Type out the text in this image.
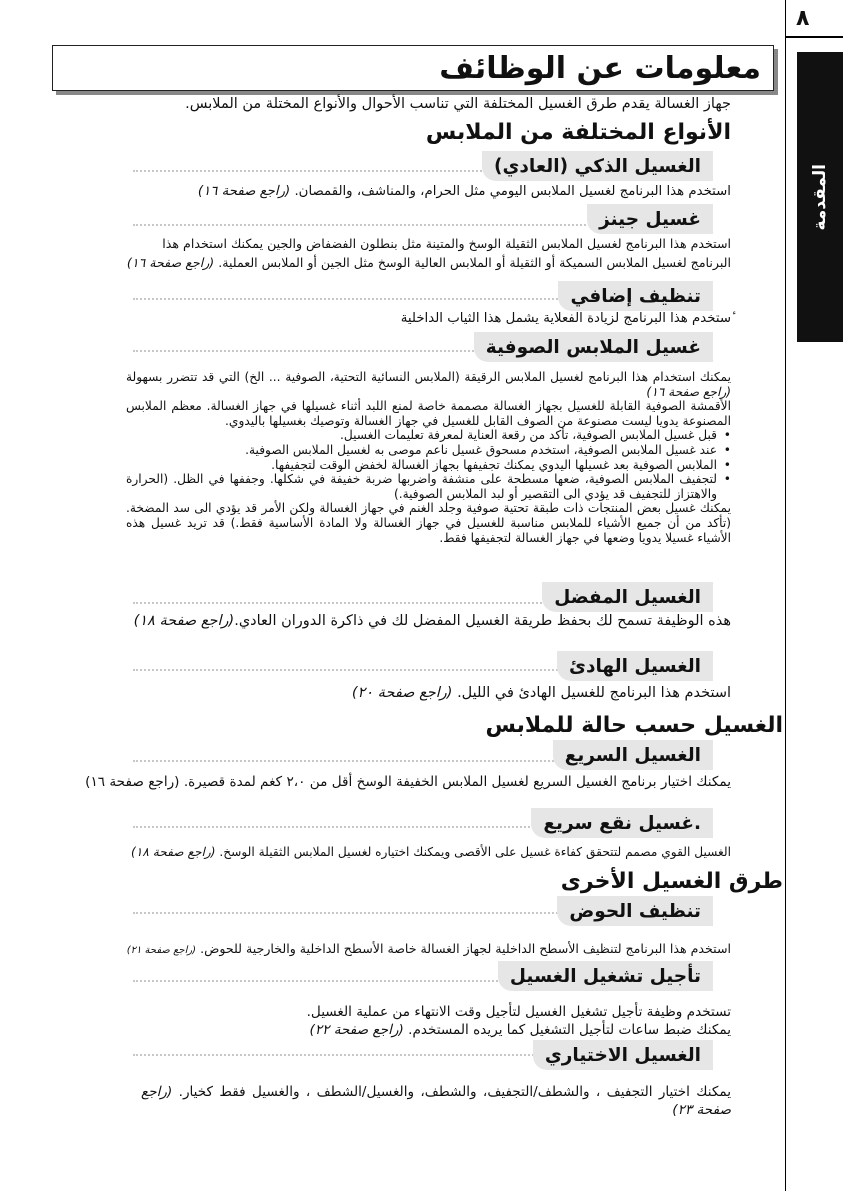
٨
المقدمة
معلومات عن الوظائف
جهاز الغسالة يقدم طرق الغسيل المختلفة التي تناسب الأحوال والأنواع المختلة من الملابس.
الأنواع المختلفة من الملابس
الغسيل الذكي (العادي)

استخدم هذا البرنامج لغسيل الملابس اليومي مثل الحرام، والمناشف، والقمصان. (راجع صفحة ١٦)

غسيل جينز

استخدم هذا البرنامج لغسيل الملابس الثقيلة الوسخ والمتينة مثل بنطلون الفضفاض والجين يمكنك استخدام هذا

البرنامج لغسيل الملابس السميكة أو الثقيلة أو الملابس العالية الوسخ مثل الجين أو الملابس العملية. (راجع صفحة ١٦)

تنظيف إضافي
ٔستخدم هذا البرنامج لزيادة الفعلاية يشمل هذا الثياب الداخلية
غسيل الملابس الصوفية

يمكنك استخدام هذا البرنامج لغسيل الملابس الرقيقة (الملابس النسائية التحتية، الصوفية ... الخ) التي قد تتضرر بسهولة (راجع صفحة ١٦)

الأقمشة الصوفية القابلة للغسيل بجهاز الغسالة مصممة خاصة لمنع اللبد أثناء غسيلها في جهاز الغسالة. معظم الملابس المصنوعة يدويا ليست مصنوعة من الصوف القابل للغسيل في جهاز الغسالة وتوصيك بغسيلها باليدوي.

• قبل غسيل الملابس الصوفية، تأكد من رقعة العناية لمعرفة تعليمات الغسيل.

• عند غسيل الملابس الصوفية، استخدم مسحوق غسيل ناعم موصى به لغسيل الملابس الصوفية.

• الملابس الصوفية بعد غسيلها اليدوي يمكنك تجفيفها بجهاز الغسالة لخفض الوقت لتجفيفها.

• لتجفيف الملابس الصوفية، ضعها مسطحة على منشفة واضربها ضربة خفيفة في شكلها. وجففها في الظل. (الحرارة والاهتزاز للتجفيف قد يؤدي الى التقصير أو لبد الملابس الصوفية.)

يمكنك غسيل بعض المنتجات ذات طبقة تحتية صوفية وجلد الغنم في جهاز الغسالة ولكن الأمر قد يؤدي الى سد المضخة. (تأكد من أن جميع الأشياء للملابس مناسبة للغسيل في جهاز الغسالة ولا المادة الأساسية فقط.) قد تريد غسيل هذه الأشياء غسيلا يدويا وضعها في جهاز الغسالة لتجفيفها فقط.

الغسيل المفضل

هذه الوظيفة تسمح لك بحفظ طريقة الغسيل المفضل لك في ذاكرة الدوران العادي.(راجع صفحة ١٨)

الغسيل الهادئ

استخدم هذا البرنامج للغسيل الهادئ في الليل. (راجع صفحة ٢٠)

الغسيل حسب حالة للملابس
الغسيل السريع

يمكنك اختيار برنامج الغسيل السريع لغسيل الملابس الخفيفة الوسخ أقل من ٢،٠ كغم لمدة قصيرة. (راجع صفحة ١٦)

.غسيل نقع سريع

الغسيل القوي مصمم لتتحقق كفاءة غسيل على الأقصى ويمكنك اختياره لغسيل الملابس الثقيلة الوسخ. (راجع صفحة ١٨)

طرق الغسيل الأخرى
تنظيف الحوض

استخدم هذا البرنامج لتنظيف الأسطح الداخلية لجهاز الغسالة خاصة الأسطح الداخلية والخارجية للحوض. (راجع صفحة ٢١)

تأجيل تشغيل الغسيل

تستخدم وظيفة تأجيل تشغيل الغسيل لتأجيل وقت الانتهاء من عملية الغسيل.

يمكنك ضبط ساعات لتأجيل التشغيل كما يريده المستخدم. (راجع صفحة ٢٢)

الغسيل الاختياري

يمكنك اختيار التجفيف ، والشطف/التجفيف، والشطف، والغسيل/الشطف ، والغسيل فقط كخيار. (راجع صفحة ٢٣)
